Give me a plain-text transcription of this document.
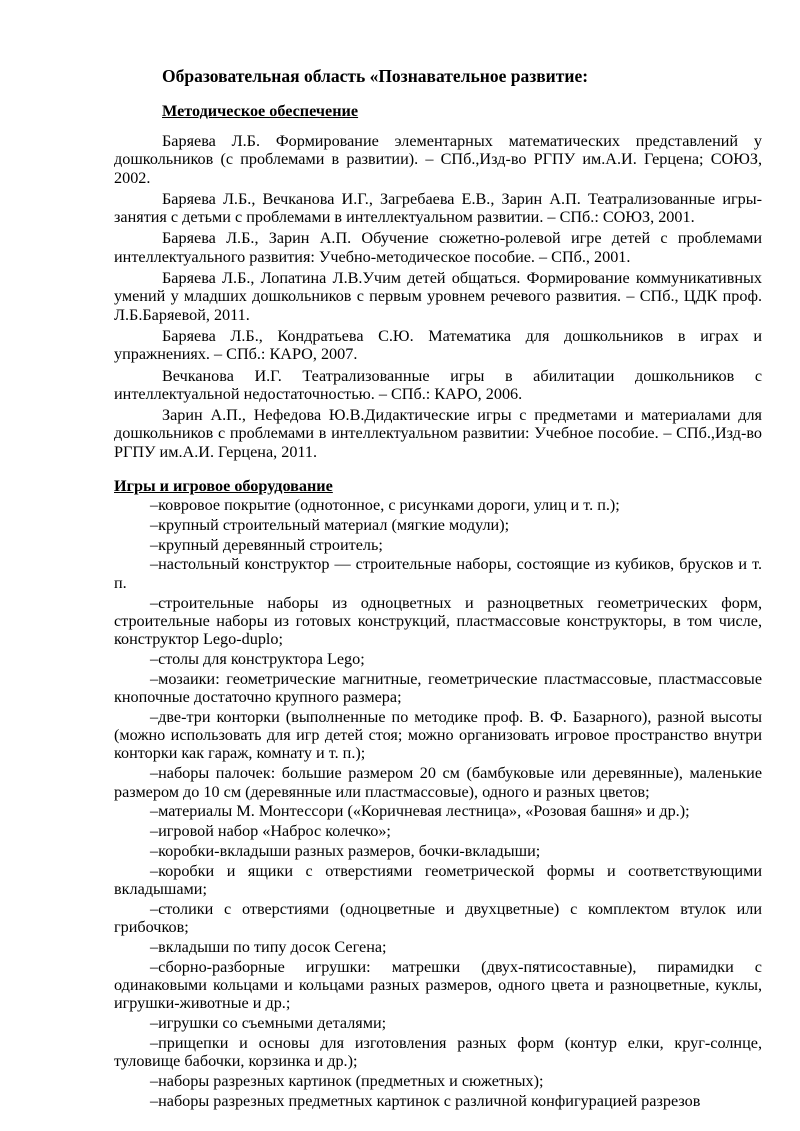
Образовательная область «Познавательное развитие:
Методическое обеспечение

Баряева Л.Б. Формирование элементарных математических представлений у дошкольников (с проблемами в развитии). – СПб.,Изд-во РГПУ им.А.И. Герцена; СОЮЗ, 2002.

Баряева Л.Б., Вечканова И.Г., Загребаева Е.В., Зарин А.П. Театрализованные игры-занятия с детьми с проблемами в интеллектуальном развитии. – СПб.: СОЮЗ, 2001.

Баряева Л.Б., Зарин А.П. Обучение сюжетно-ролевой игре детей с проблемами интеллектуального развития: Учебно-методическое пособие. – СПб., 2001.

Баряева Л.Б., Лопатина Л.В.Учим детей общаться. Формирование коммуникативных умений у младших дошкольников с первым уровнем речевого развития. – СПб., ЦДК проф. Л.Б.Баряевой, 2011.

Баряева Л.Б., Кондратьева С.Ю. Математика для дошкольников в играх и упражнениях. – СПб.: КАРО, 2007.

Вечканова И.Г. Театрализованные игры в абилитации дошкольников с интеллектуальной недостаточностью. – СПб.: КАРО, 2006.

Зарин А.П., Нефедова Ю.В.Дидактические игры с предметами и материалами для дошкольников с проблемами в интеллектуальном развитии: Учебное пособие. – СПб.,Изд-во РГПУ им.А.И. Герцена, 2011.

Игры и игровое оборудование

–ковровое покрытие (однотонное, с рисунками дороги, улиц и т. п.);

–крупный строительный материал (мягкие модули);

–крупный деревянный строитель;

–настольный конструктор — строительные наборы, состоящие из кубиков, брусков и т. п.

–строительные наборы из одноцветных и разноцветных геометрических форм, строительные наборы из готовых конструкций, пластмассовые конструкторы, в том числе, конструктор Lego-duplo;

–столы для конструктора Lego;

–мозаики: геометрические магнитные, геометрические пластмассовые, пластмассовые кнопочные достаточно крупного размера;

–две-три конторки (выполненные по методике проф. В. Ф. Базарного), разной высоты (можно использовать для игр детей стоя; можно организовать игровое пространство внутри конторки как гараж, комнату и т. п.);

–наборы палочек: большие размером 20 см (бамбуковые или деревянные), маленькие размером до 10 см (деревянные или пластмассовые), одного и разных цветов;

–материалы М. Монтессори («Коричневая лестница», «Розовая башня» и др.);

–игровой набор «Наброс колечко»;

–коробки-вкладыши разных размеров, бочки-вкладыши;

–коробки и ящики с отверстиями геометрической формы и соответствующими вкладышами;

–столики с отверстиями (одноцветные и двухцветные) с комплектом втулок или грибочков;

–вкладыши по типу досок Сегена;

–сборно-разборные игрушки: матрешки (двух-пятисоставные), пирамидки с одинаковыми кольцами и кольцами разных размеров, одного цвета и разноцветные, куклы, игрушки-животные и др.;

–игрушки со съемными деталями;

–прищепки и основы для изготовления разных форм (контур елки, круг-солнце, туловище бабочки, корзинка и др.);

–наборы разрезных картинок (предметных и сюжетных);

–наборы разрезных предметных картинок с различной конфигурацией разрезов
